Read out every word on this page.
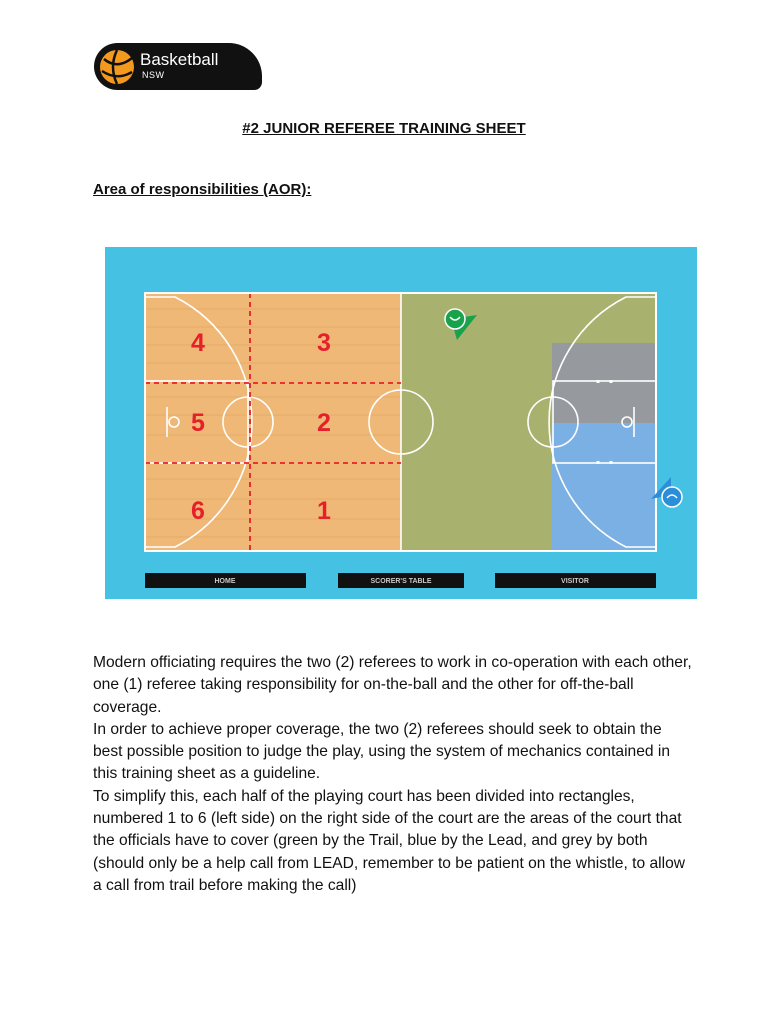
Basketball
NSW
#2 JUNIOR REFEREE TRAINING SHEET
Area of responsibilities (AOR):
4	3
5	2
6	1
HOME	SCORER'S TABLE	VISITOR

Modern officiating requires the two (2) referees to work in co-operation with each other, one (1) referee taking responsibility for on-the-ball and the other for off-the-ball coverage.

In order to achieve proper coverage, the two (2) referees should seek to obtain the best possible position to judge the play, using the system of mechanics contained in this training sheet as a guideline.

To simplify this, each half of the playing court has been divided into rectangles, numbered 1 to 6 (left side) on the right side of the court are the areas of the court that the officials have to cover (green by the Trail, blue by the Lead, and grey by both (should only be a help call from LEAD, remember to be patient on the whistle, to allow a call from trail before making the call)
